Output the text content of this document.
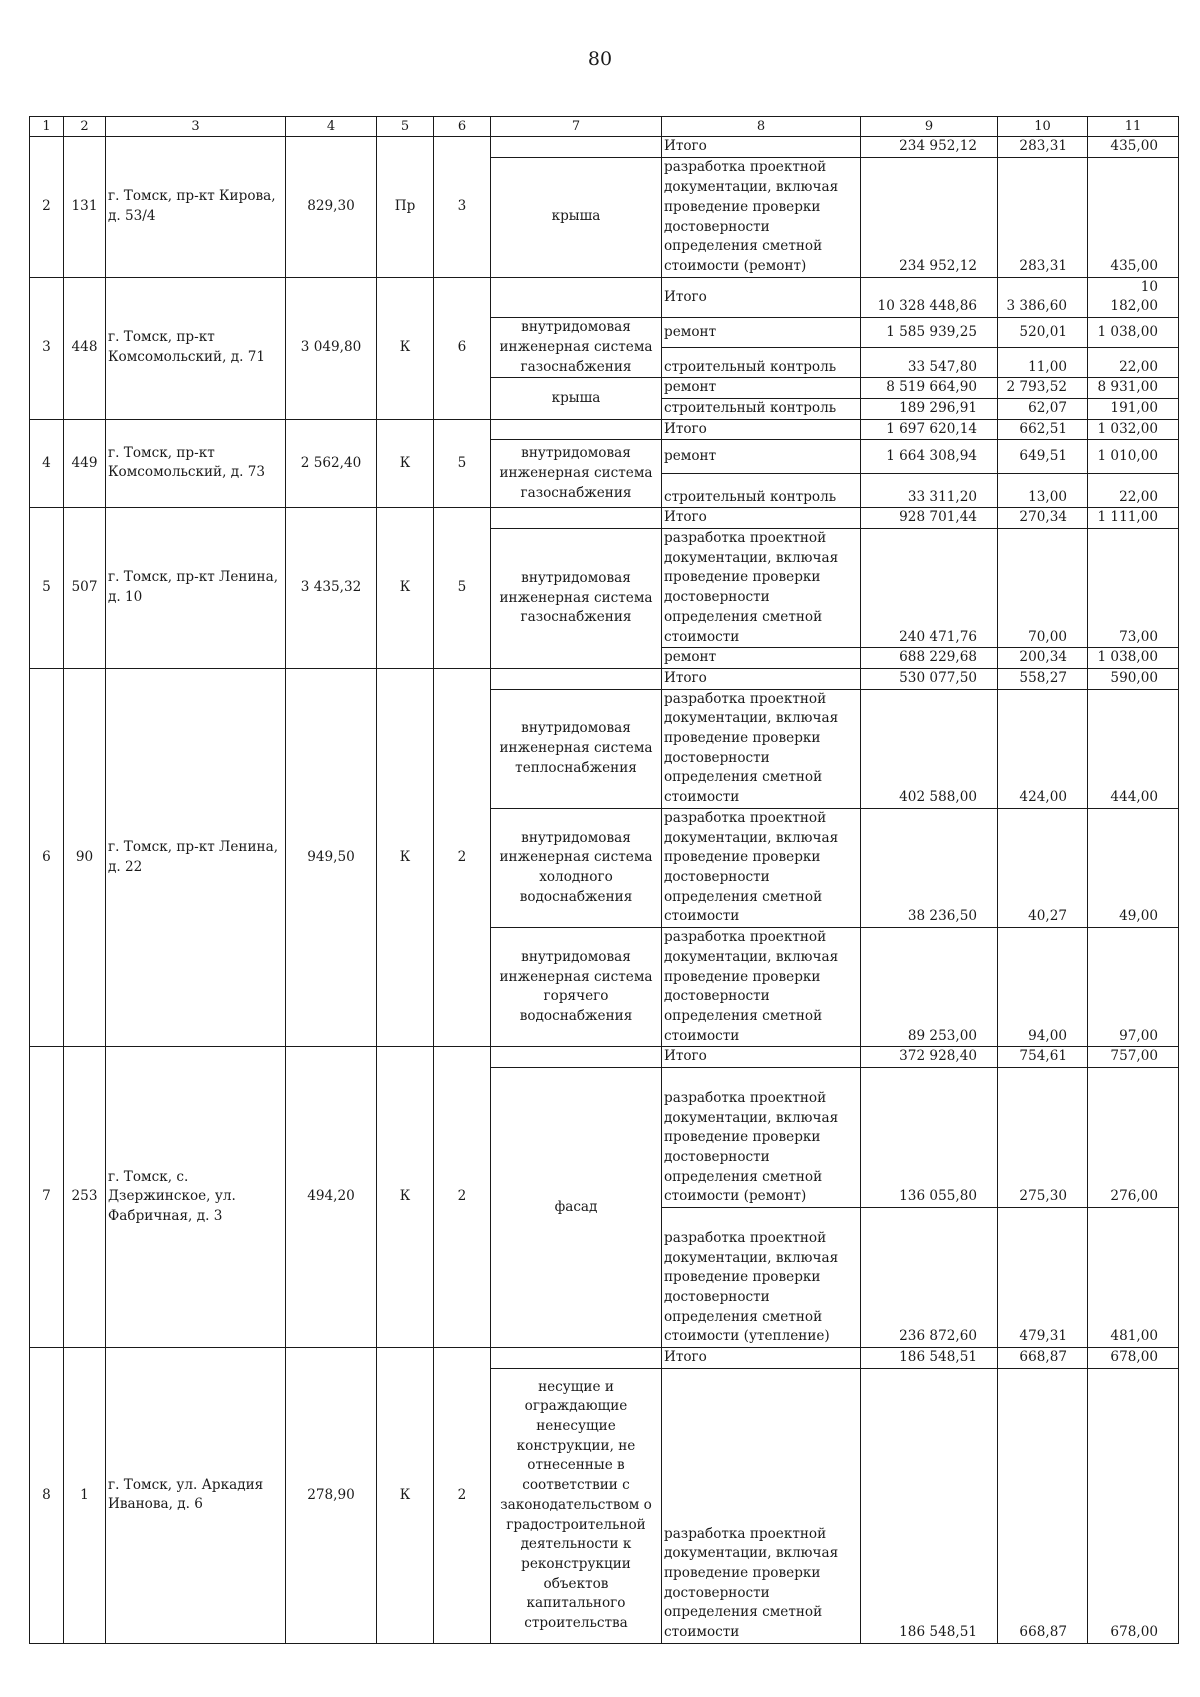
80
1	2	3	4	5	6	7	8	9	10	11
2	131	г. Томск, пр-кт Кирова, д. 53/4	829,30	Пр	3		Итого	234 952,12	283,31	435,00
						крыша	разработка проектной документации, включая проведение проверки достоверности определения сметной стоимости (ремонт)	234 952,12	283,31	435,00
3	448	г. Томск, пр-кт Комсомольский, д. 71	3 049,80	К	6		Итого	10 328 448,86	3 386,60	10 182,00
						внутридомовая инженерная система газоснабжения	ремонт	1 585 939,25	520,01	1 038,00
							строительный контроль	33 547,80	11,00	22,00
						крыша	ремонт	8 519 664,90	2 793,52	8 931,00
							строительный контроль	189 296,91	62,07	191,00
4	449	г. Томск, пр-кт Комсомольский, д. 73	2 562,40	К	5		Итого	1 697 620,14	662,51	1 032,00
						внутридомовая инженерная система газоснабжения	ремонт	1 664 308,94	649,51	1 010,00
							строительный контроль	33 311,20	13,00	22,00
5	507	г. Томск, пр-кт Ленина, д. 10	3 435,32	К	5		Итого	928 701,44	270,34	1 111,00
						внутридомовая инженерная система газоснабжения	разработка проектной документации, включая проведение проверки достоверности определения сметной стоимости	240 471,76	70,00	73,00
							ремонт	688 229,68	200,34	1 038,00
6	90	г. Томск, пр-кт Ленина, д. 22	949,50	К	2		Итого	530 077,50	558,27	590,00
						внутридомовая инженерная система теплоснабжения	разработка проектной документации, включая проведение проверки достоверности определения сметной стоимости	402 588,00	424,00	444,00
						внутридомовая инженерная система холодного водоснабжения	разработка проектной документации, включая проведение проверки достоверности определения сметной стоимости	38 236,50	40,27	49,00
						внутридомовая инженерная система горячего водоснабжения	разработка проектной документации, включая проведение проверки достоверности определения сметной стоимости	89 253,00	94,00	97,00
7	253	г. Томск, с. Дзержинское, ул. Фабричная, д. 3	494,20	К	2		Итого	372 928,40	754,61	757,00
						фасад	разработка проектной документации, включая проведение проверки достоверности определения сметной стоимости (ремонт)	136 055,80	275,30	276,00
							разработка проектной документации, включая проведение проверки достоверности определения сметной стоимости (утепление)	236 872,60	479,31	481,00
8	1	г. Томск, ул. Аркадия Иванова, д. 6	278,90	К	2		Итого	186 548,51	668,87	678,00
						несущие и ограждающие ненесущие конструкции, не отнесенные в соответствии с законодательством о градостроительной деятельности к реконструкции объектов капитального строительства	разработка проектной документации, включая проведение проверки достоверности определения сметной стоимости	186 548,51	668,87	678,00
